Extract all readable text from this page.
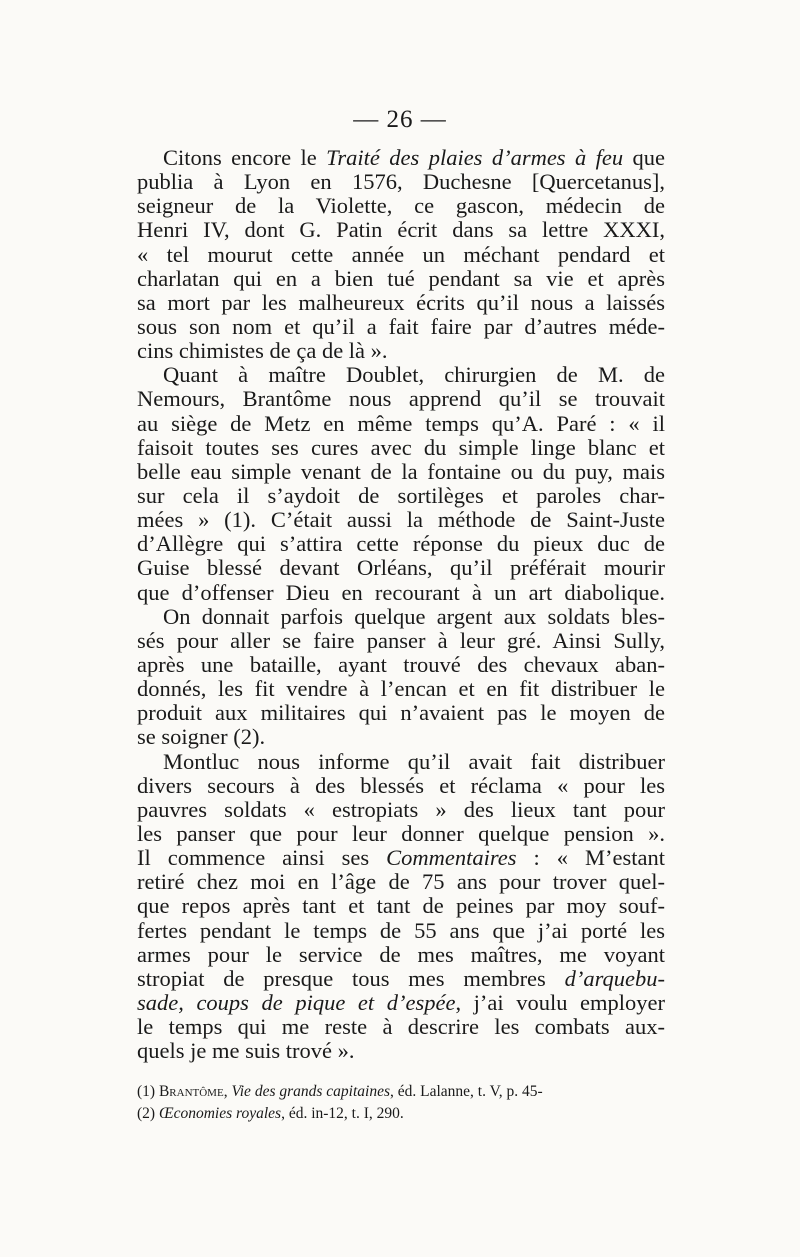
— 26 —
Citons encore le Traité des plaies d’armes à feu que
publia à Lyon en 1576, Duchesne [Quercetanus],
seigneur de la Violette, ce gascon, médecin de
Henri IV, dont G. Patin écrit dans sa lettre XXXI,
« tel mourut cette année un méchant pendard et
charlatan qui en a bien tué pendant sa vie et après
sa mort par les malheureux écrits qu’il nous a laissés
sous son nom et qu’il a fait faire par d’autres méde-
cins chimistes de ça de là ».
Quant à maître Doublet, chirurgien de M. de
Nemours, Brantôme nous apprend qu’il se trouvait
au siège de Metz en même temps qu’A. Paré : « il
faisoit toutes ses cures avec du simple linge blanc et
belle eau simple venant de la fontaine ou du puy, mais
sur cela il s’aydoit de sortilèges et paroles char-
mées » (1). C’était aussi la méthode de Saint-Juste
d’Allègre qui s’attira cette réponse du pieux duc de
Guise blessé devant Orléans, qu’il préférait mourir
que d’offenser Dieu en recourant à un art diabolique.
On donnait parfois quelque argent aux soldats bles-
sés pour aller se faire panser à leur gré. Ainsi Sully,
après une bataille, ayant trouvé des chevaux aban-
donnés, les fit vendre à l’encan et en fit distribuer le
produit aux militaires qui n’avaient pas le moyen de
se soigner (2).
Montluc nous informe qu’il avait fait distribuer
divers secours à des blessés et réclama « pour les
pauvres soldats « estropiats » des lieux tant pour
les panser que pour leur donner quelque pension ».
Il commence ainsi ses Commentaires : « M’estant
retiré chez moi en l’âge de 75 ans pour trover quel-
que repos après tant et tant de peines par moy souf-
fertes pendant le temps de 55 ans que j’ai porté les
armes pour le service de mes maîtres, me voyant
stropiat de presque tous mes membres d’arquebu-
sade, coups de pique et d’espée, j’ai voulu employer
le temps qui me reste à descrire les combats aux-
quels je me suis trové ».
(1) Brantôme, Vie des grands capitaines, éd. Lalanne, t. V, p. 45-
(2) Œconomies royales, éd. in-12, t. I, 290.
